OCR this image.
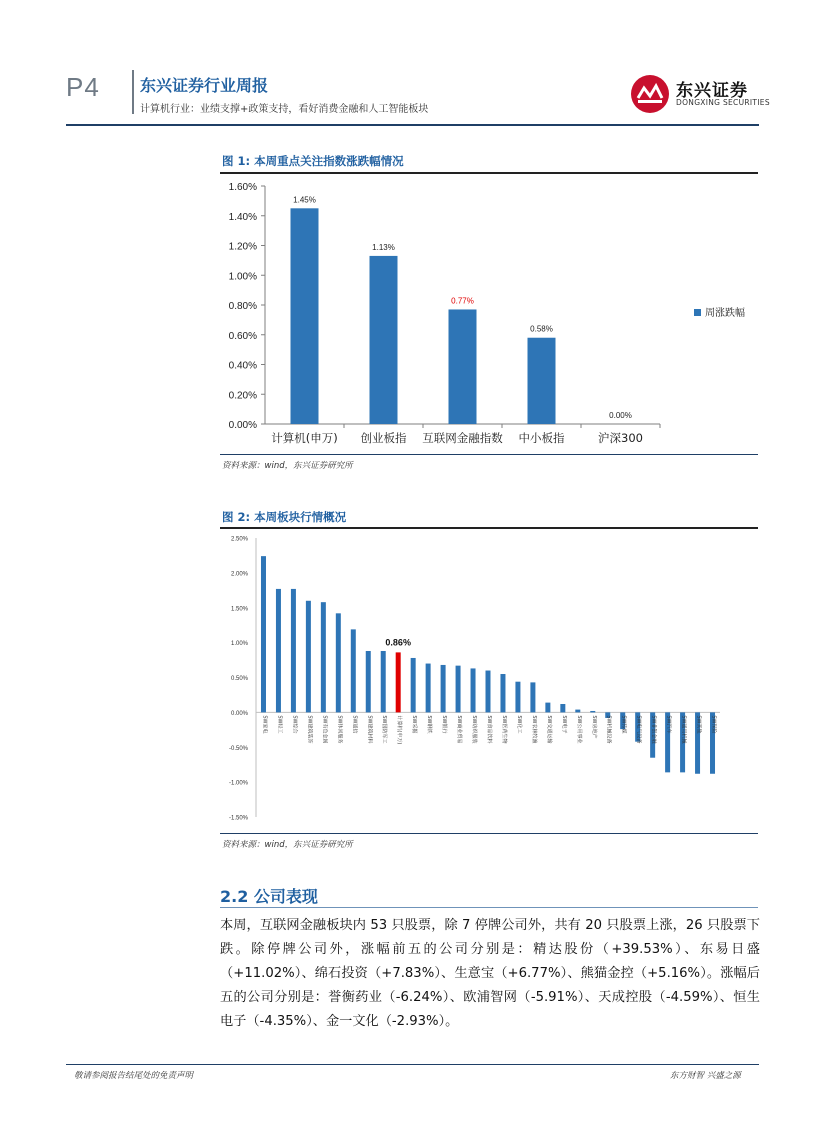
P4	东兴证券行业周报
计算机行业：业绩支撑+政策支持，看好消费金融和人工智能板块
东兴证券
DONGXING SECURITIES
图 1: 本周重点关注指数涨跌幅情况
0.00%
0.20%
0.40%
0.60%
0.80%
1.00%
1.20%
1.40%
1.60%
1.45%
计算机(申万)
1.13%
创业板指
0.77%
互联网金融指数
0.58%
中小板指
0.00%
沪深300
周涨跌幅
资料来源：wind，东兴证券研究所
图 2: 本周板块行情概况
-1.50%
-1.00%
-0.50%
0.00%
0.50%
1.00%
1.50%
2.00%
2.50%
SW家电 SW轻工 SW综合 SW建筑装饰 SW有色金属 SW休闲服务 SW通信 SW建筑材料 SW国防军工 计算机(申万)
0.86%
SW采掘 SW钢铁 SW银行 SW商业贸易 SW纺织服装 SW食品饮料 SW医药生物 SW化工 SW农林牧渔 SW交通运输 SW电子 SW公用事业 SW房地产 SW机械设备 SW传媒 SW电气设备 SW非银金融 SW汽车 SW通用机械 SW其他 SW保险
资料来源：wind，东兴证券研究所
2.2 公司表现
本周，互联网金融板块内 53 只股票，除 7 停牌公司外，共有 20 只股票上涨，26 只股票下跌。除停牌公司外，涨幅前五的公司分别是：精达股份（+39.53%）、东易日盛（+11.02%）、绵石投资（+7.83%）、生意宝（+6.77%）、熊猫金控（+5.16%）。涨幅后五的公司分别是：誉衡药业（-6.24%）、欧浦智网（-5.91%）、天成控股（-4.59%）、恒生电子（-4.35%）、金一文化（-2.93%）。
敬请参阅报告结尾处的免责声明	东方财智 兴盛之源
